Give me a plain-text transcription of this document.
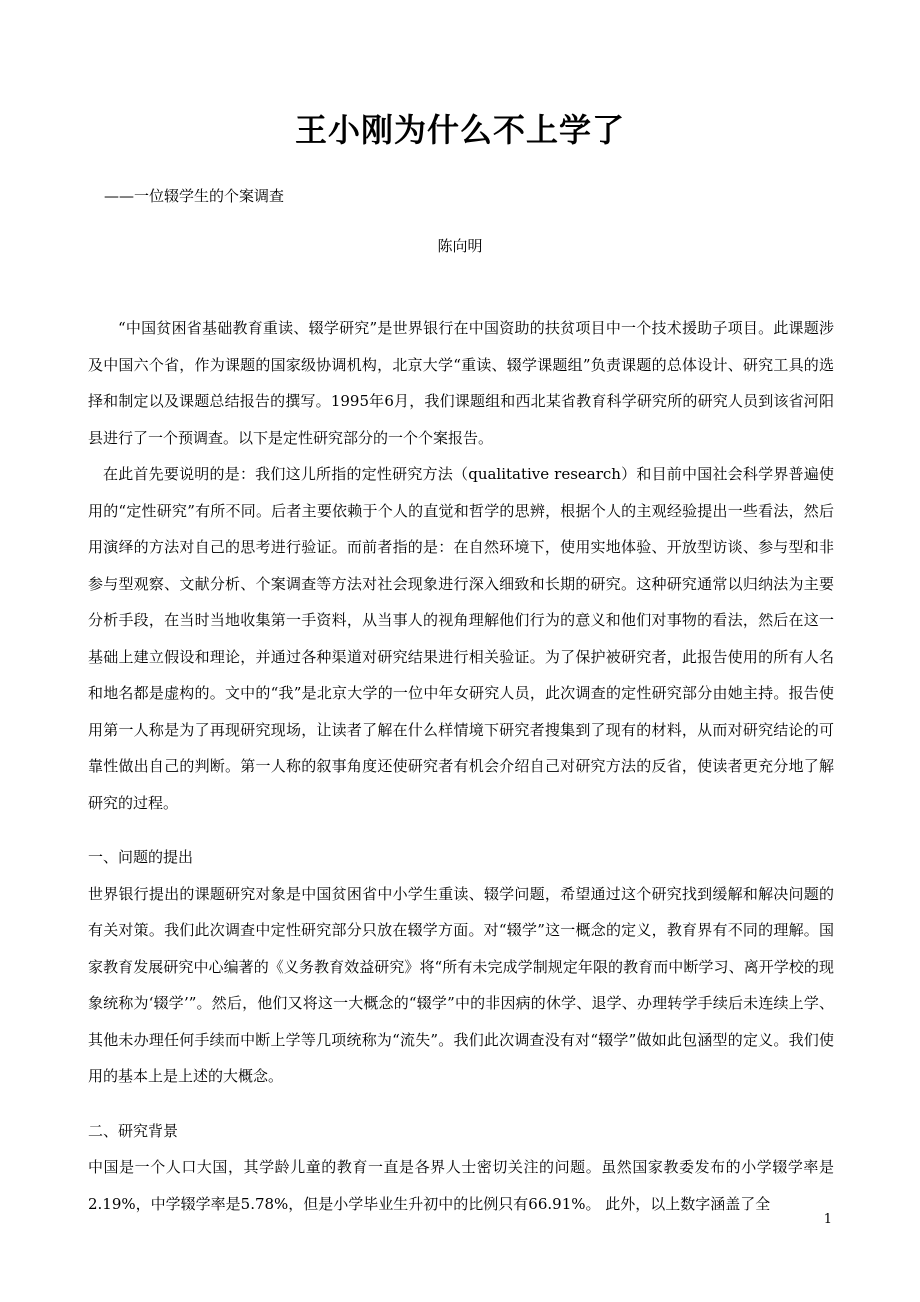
王小刚为什么不上学了
——一位辍学生的个案调查
陈向明

“中国贫困省基础教育重读、辍学研究”是世界银行在中国资助的扶贫项目中一个技术援助子项目。此课题涉及中国六个省，作为课题的国家级协调机构，北京大学“重读、辍学课题组”负责课题的总体设计、研究工具的选择和制定以及课题总结报告的撰写。1995年6月，我们课题组和西北某省教育科学研究所的研究人员到该省河阳县进行了一个预调查。以下是定性研究部分的一个个案报告。

在此首先要说明的是：我们这儿所指的定性研究方法（qualitative research）和目前中国社会科学界普遍使用的“定性研究”有所不同。后者主要依赖于个人的直觉和哲学的思辨，根据个人的主观经验提出一些看法，然后用演绎的方法对自己的思考进行验证。而前者指的是：在自然环境下，使用实地体验、开放型访谈、参与型和非参与型观察、文献分析、个案调查等方法对社会现象进行深入细致和长期的研究。这种研究通常以归纳法为主要分析手段，在当时当地收集第一手资料，从当事人的视角理解他们行为的意义和他们对事物的看法，然后在这一基础上建立假设和理论，并通过各种渠道对研究结果进行相关验证。为了保护被研究者，此报告使用的所有人名和地名都是虚构的。文中的“我”是北京大学的一位中年女研究人员，此次调查的定性研究部分由她主持。报告使用第一人称是为了再现研究现场，让读者了解在什么样情境下研究者搜集到了现有的材料，从而对研究结论的可靠性做出自己的判断。第一人称的叙事角度还使研究者有机会介绍自己对研究方法的反省，使读者更充分地了解研究的过程。

一、问题的提出

世界银行提出的课题研究对象是中国贫困省中小学生重读、辍学问题，希望通过这个研究找到缓解和解决问题的有关对策。我们此次调查中定性研究部分只放在辍学方面。对“辍学”这一概念的定义，教育界有不同的理解。国家教育发展研究中心编著的《义务教育效益研究》将“所有未完成学制规定年限的教育而中断学习、离开学校的现象统称为‘辍学’”。然后，他们又将这一大概念的“辍学”中的非因病的休学、退学、办理转学手续后未连续上学、其他未办理任何手续而中断上学等几项统称为“流失”。我们此次调查没有对“辍学”做如此包涵型的定义。我们使用的基本上是上述的大概念。

二、研究背景

中国是一个人口大国，其学龄儿童的教育一直是各界人士密切关注的问题。虽然国家教委发布的小学辍学率是2.19%，中学辍学率是5.78%，但是小学毕业生升初中的比例只有66.91%。 此外，以上数字涵盖了全

1
